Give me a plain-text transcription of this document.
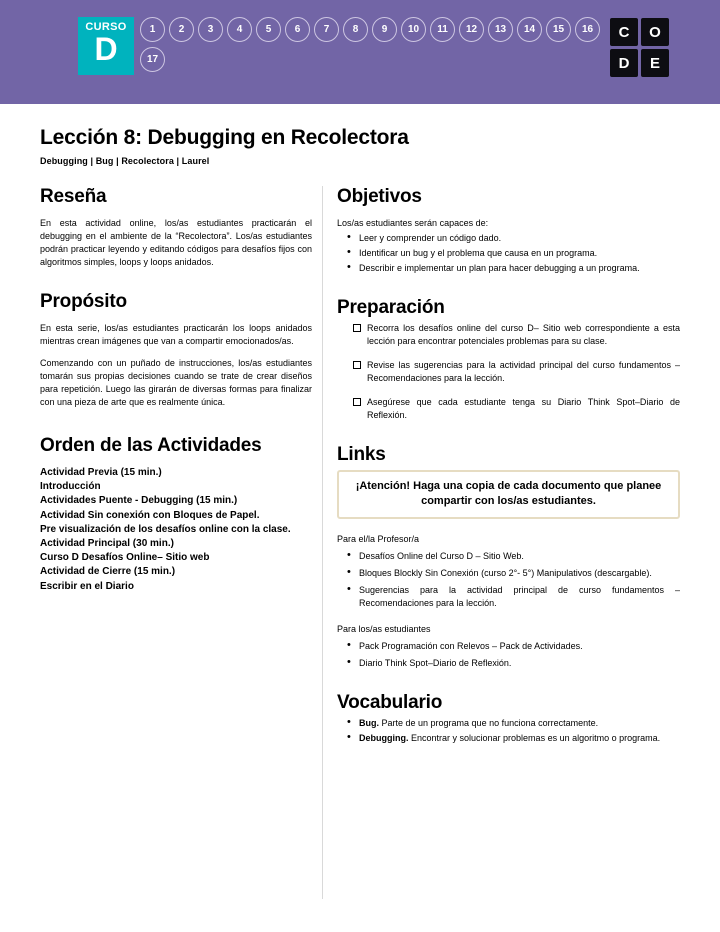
CURSO
D
1	2	3	4	5	6	7	8	9	10	11	12	13	14	15	16
17
C	O
D	E
Lección 8: Debugging en Recolectora

Debugging | Bug | Recolectora | Laurel

Reseña

En esta actividad online, los/as estudiantes practicarán el debugging en el ambiente de la “Recolectora”. Los/as estudiantes podrán practicar leyendo y editando códigos para desafíos fijos con algoritmos simples, loops y loops anidados.

Propósito

En esta serie, los/as estudiantes practicarán los loops anidados mientras crean imágenes que van a compartir emocionados/as.

Comenzando con un puñado de instrucciones, los/as estudiantes tomarán sus propias decisiones cuando se trate de crear diseños para repetición. Luego las girarán de diversas formas para finalizar con una pieza de arte que es realmente única.

Orden de las Actividades
Actividad Previa (15 min.)
Introducción
Actividades Puente - Debugging (15 min.)
Actividad Sin conexión con Bloques de Papel.
Pre visualización de los desafíos online con la clase.
Actividad Principal (30 min.)
Curso D Desafíos Online– Sitio web
Actividad de Cierre (15 min.)
Escribir en el Diario
Objetivos

Los/as estudiantes serán capaces de:

• Leer y comprender un código dado.
• Identificar un bug y el problema que causa en un programa.
• Describir e implementar un plan para hacer debugging a un programa.
Preparación
Recorra los desafíos online del curso D– Sitio web correspondiente a esta lección para encontrar potenciales problemas para su clase.
Revise las sugerencias para la actividad principal del curso fundamentos – Recomendaciones para la lección.
Asegúrese que cada estudiante tenga su Diario Think Spot–Diario de Reflexión.
Links
¡Atención! Haga una copia de cada documento que planee compartir con los/as estudiantes.

Para el/la Profesor/a

• Desafíos Online del Curso D – Sitio Web.
• Bloques Blockly Sin Conexión (curso 2°- 5°) Manipulativos (descargable).
• Sugerencias para la actividad principal de curso fundamentos – Recomendaciones para la lección.

Para los/as estudiantes

• Pack Programación con Relevos – Pack de Actividades.
• Diario Think Spot–Diario de Reflexión.
Vocabulario
• Bug. Parte de un programa que no funciona correctamente.
• Debugging. Encontrar y solucionar problemas es un algoritmo o programa.
